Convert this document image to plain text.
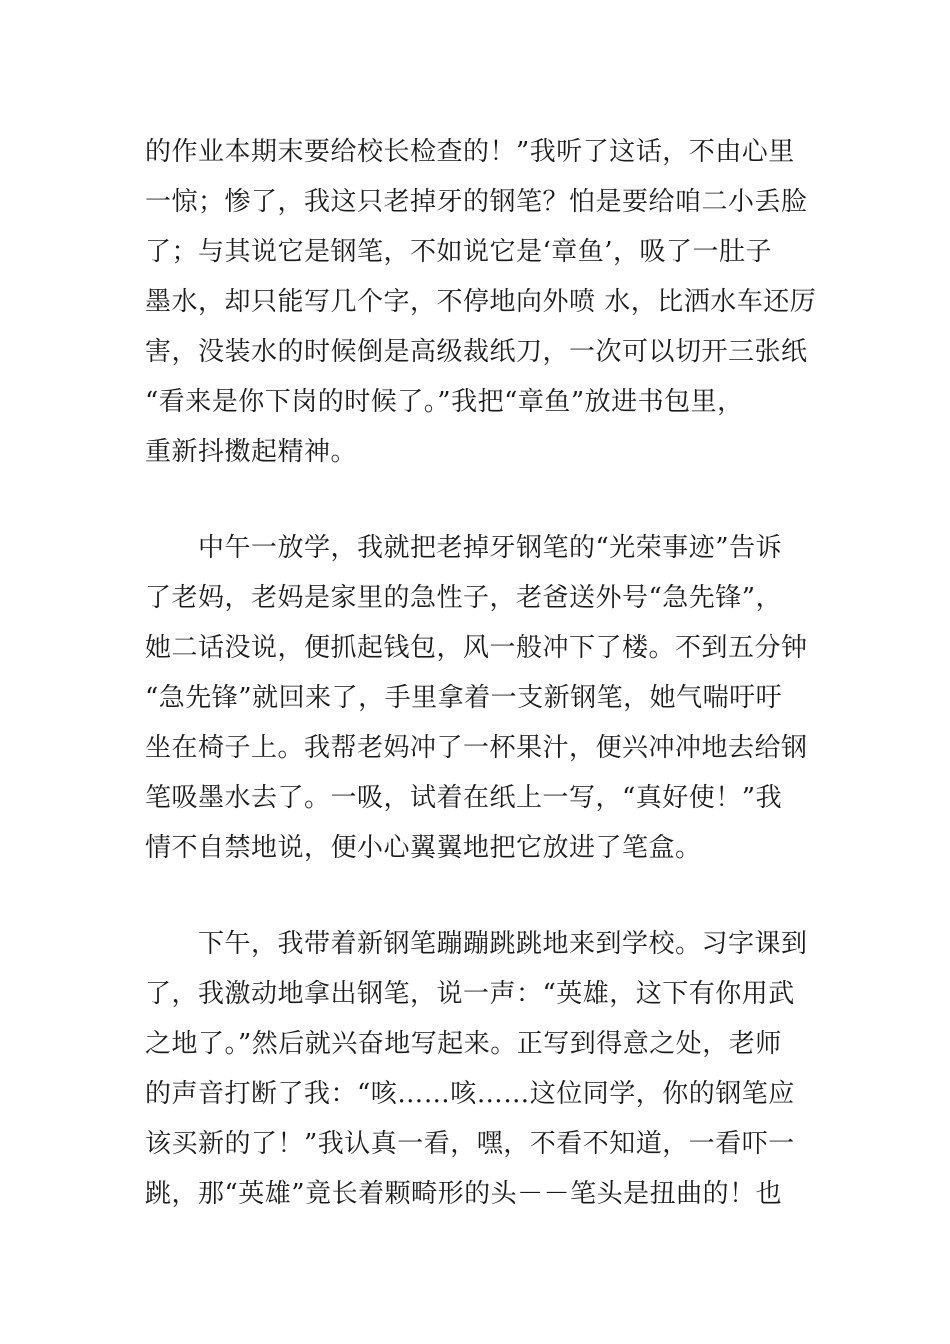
的作业本期末要给校长检查的！”我听了这话，不由心里
一惊；惨了，我这只老掉牙的钢笔？怕是要给咱二小丢脸
了；与其说它是钢笔，不如说它是‘章鱼’，吸了一肚子
墨水，却只能写几个字，不停地向外喷 水，比洒水车还厉
害，没装水的时候倒是高级裁纸刀，一次可以切开三张纸
“看来是你下岗的时候了。”我把“章鱼”放进书包里，
重新抖擞起精神。
　　中午一放学，我就把老掉牙钢笔的“光荣事迹”告诉
了老妈，老妈是家里的急性子，老爸送外号“急先锋”，
她二话没说，便抓起钱包，风一般冲下了楼。不到五分钟
“急先锋”就回来了，手里拿着一支新钢笔，她气喘吁吁
坐在椅子上。我帮老妈冲了一杯果汁，便兴冲冲地去给钢
笔吸墨水去了。一吸，试着在纸上一写，“真好使！”我
情不自禁地说，便小心翼翼地把它放进了笔盒。
　　下午，我带着新钢笔蹦蹦跳跳地来到学校。习字课到
了，我激动地拿出钢笔，说一声：“英雄，这下有你用武
之地了。”然后就兴奋地写起来。正写到得意之处，老师
的声音打断了我：“咳……咳……这位同学，你的钢笔应
该买新的了！”我认真一看，嘿，不看不知道，一看吓一
跳，那“英雄”竟长着颗畸形的头－－笔头是扭曲的！也
